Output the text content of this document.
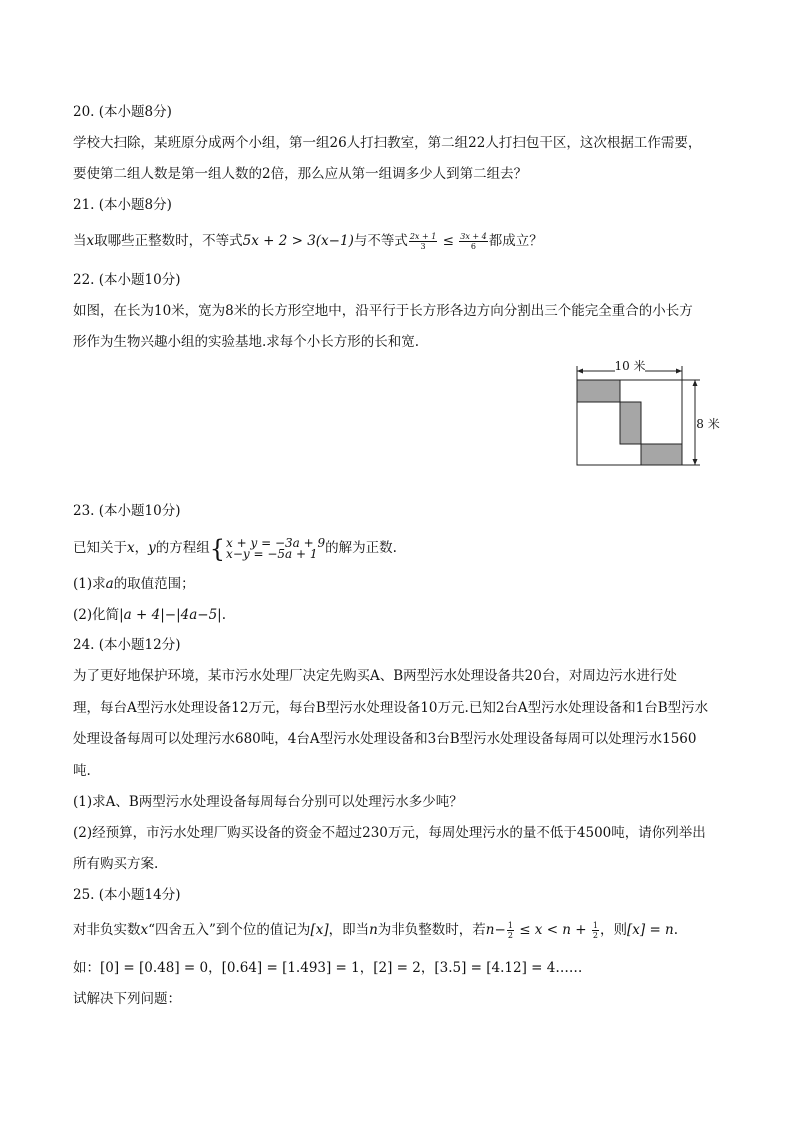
20. (本小题8分)
学校大扫除，某班原分成两个小组，第一组26人打扫教室，第二组22人打扫包干区，这次根据工作需要，
要使第二组人数是第一组人数的2倍，那么应从第一组调多少人到第二组去？
21. (本小题8分)
当x取哪些正整数时，不等式5x + 2 > 3(x−1)与不等式 $\frac{2x + 1}{3} \le \frac{3x + 4}{6}$ 都成立？
22. (本小题10分)
如图，在长为10米，宽为8米的长方形空地中，沿平行于长方形各边方向分割出三个能完全重合的小长方
形作为生物兴趣小组的实验基地.求每个小长方形的长和宽.
10 米
8 米
23. (本小题10分)
已知关于x，y的方程组{ x + y = −3a + 9
x−y = −5a + 1 的解为正数.
(1)求a的取值范围；
(2)化简|a + 4|−|4a−5|.
24. (本小题12分)
为了更好地保护环境，某市污水处理厂决定先购买A、B两型污水处理设备共20台，对周边污水进行处
理，每台A型污水处理设备12万元，每台B型污水处理设备10万元.已知2台A型污水处理设备和1台B型污水
处理设备每周可以处理污水680吨，4台A型污水处理设备和3台B型污水处理设备每周可以处理污水1560
吨.
(1)求A、B两型污水处理设备每周每台分别可以处理污水多少吨？
(2)经预算，市污水处理厂购买设备的资金不超过230万元，每周处理污水的量不低于4500吨，请你列举出
所有购买方案.
25. (本小题14分)
对非负实数x“四舍五入”到个位的值记为[x]，即当n为非负整数时，若$n- \frac{1}{2} \le x < n + \frac{1}{2}$ ，则[x] = n.
如：[0] = [0.48] = 0，[0.64] = [1.493] = 1，[2] = 2，[3.5] = [4.12] = 4……
试解决下列问题：
